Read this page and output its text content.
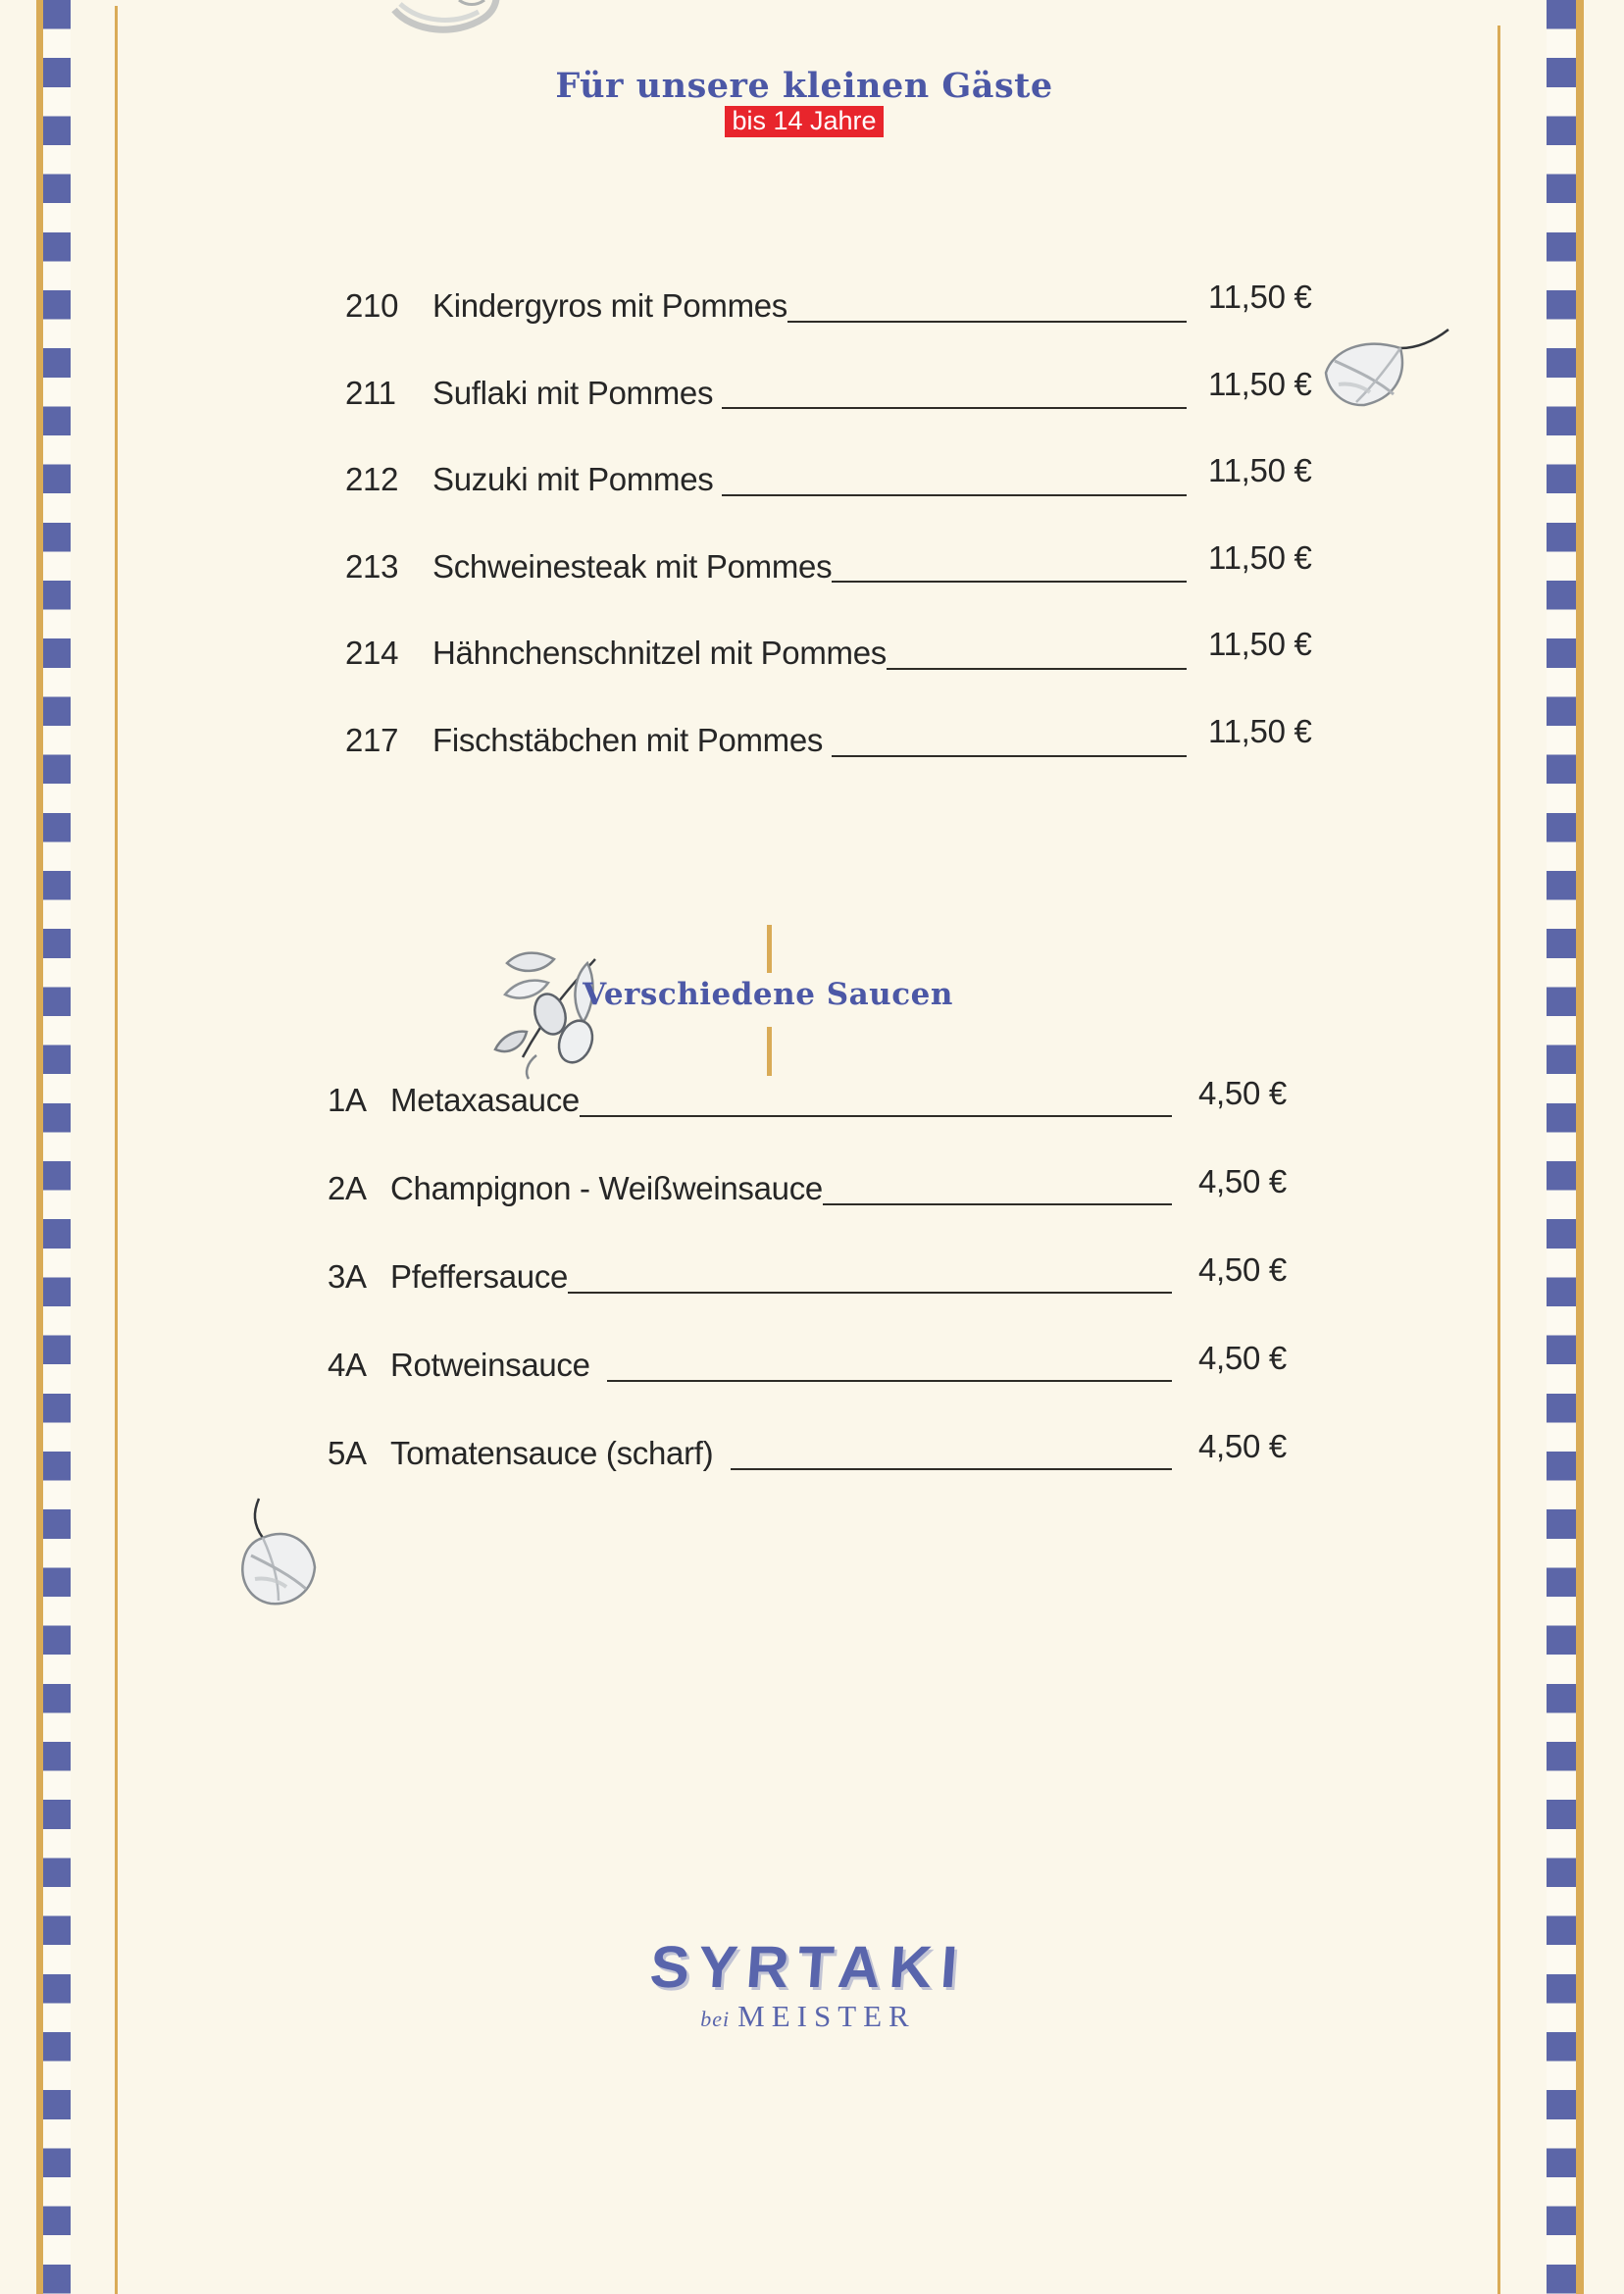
Für unsere kleinen Gäste
bis 14 Jahre
210 Kindergyros mit Pommes	11,50 €
211 Suflaki mit Pommes	11,50 €
212 Suzuki mit Pommes	11,50 €
213 Schweinesteak mit Pommes	11,50 €
214 Hähnchenschnitzel mit Pommes	11,50 €
217 Fischstäbchen mit Pommes	11,50 €
Verschiedene Saucen
1A Metaxasauce	4,50 €
2A Champignon - Weißweinsauce	4,50 €
3A Pfeffersauce	4,50 €
4A Rotweinsauce	4,50 €
5A Tomatensauce (scharf)	4,50 €
SYRTAKI
bei MEISTER
